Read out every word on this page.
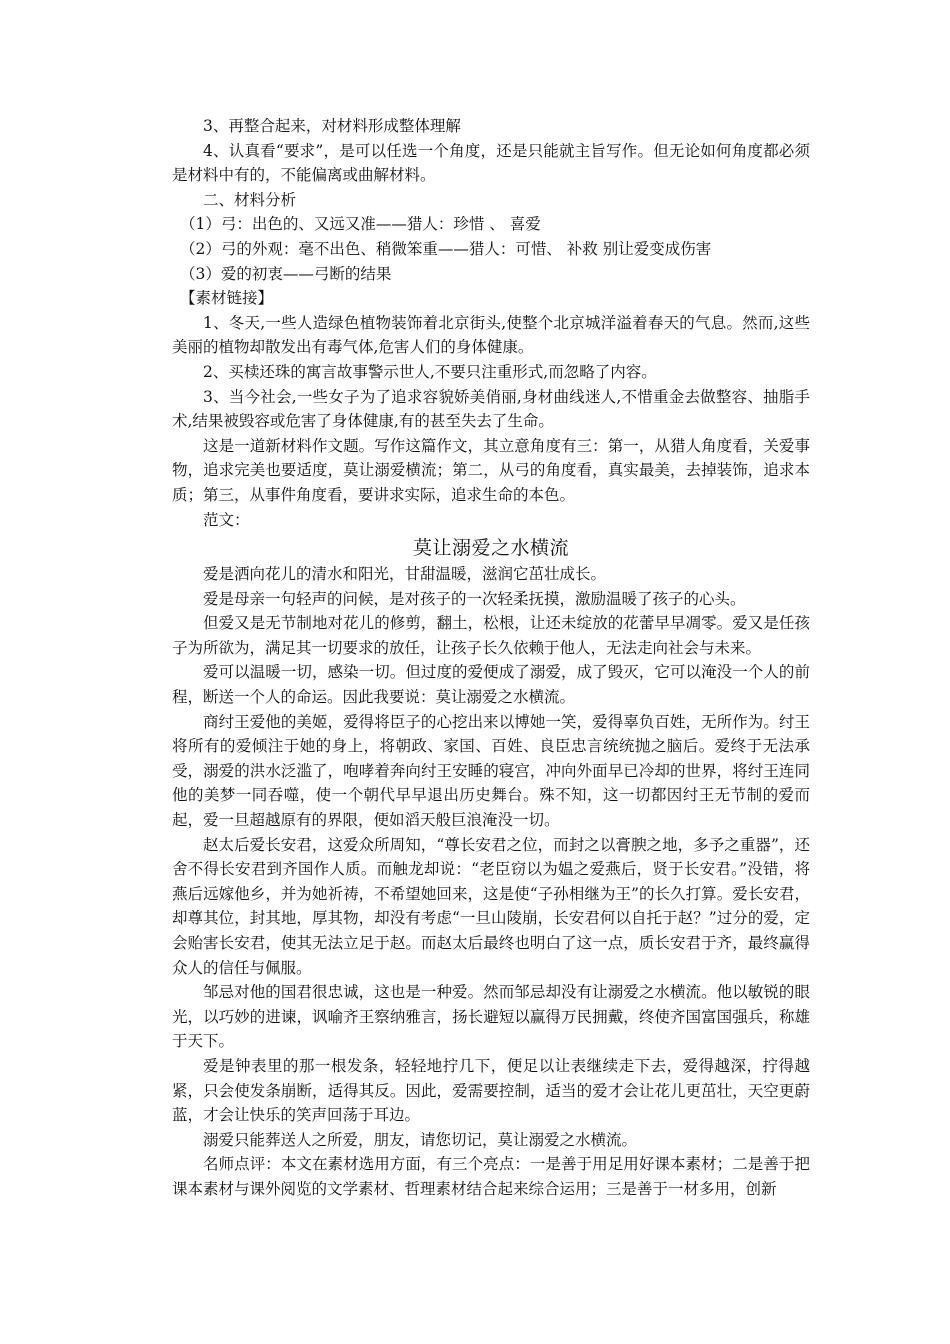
3、再整合起来，对材料形成整体理解

4、认真看“要求”，是可以任选一个角度，还是只能就主旨写作。但无论如何角度都必须是材料中有的，不能偏离或曲解材料。

二、材料分析

（1）弓：出色的、又远又准——猎人：珍惜 、 喜爱

（2）弓的外观：毫不出色、稍微笨重——猎人：可惜、 补救 别让爱变成伤害

（3）爱的初衷——弓断的结果

【素材链接】

1、冬天,一些人造绿色植物装饰着北京街头,使整个北京城洋溢着春天的气息。然而,这些美丽的植物却散发出有毒气体,危害人们的身体健康。

2、买椟还珠的寓言故事警示世人,不要只注重形式,而忽略了内容。

3、当今社会,一些女子为了追求容貌娇美俏丽,身材曲线迷人,不惜重金去做整容、抽脂手术,结果被毁容或危害了身体健康,有的甚至失去了生命。

这是一道新材料作文题。写作这篇作文，其立意角度有三：第一，从猎人角度看，关爱事物，追求完美也要适度，莫让溺爱横流；第二，从弓的角度看，真实最美，去掉装饰，追求本质；第三，从事件角度看，要讲求实际，追求生命的本色。

范文：

莫让溺爱之水横流

爱是洒向花儿的清水和阳光，甘甜温暖，滋润它茁壮成长。

爱是母亲一句轻声的问候，是对孩子的一次轻柔抚摸，激励温暖了孩子的心头。

但爱又是无节制地对花儿的修剪，翻土，松根，让还未绽放的花蕾早早凋零。爱又是任孩子为所欲为，满足其一切要求的放任，让孩子长久依赖于他人，无法走向社会与未来。

爱可以温暖一切，感染一切。但过度的爱便成了溺爱，成了毁灭，它可以淹没一个人的前程，断送一个人的命运。因此我要说：莫让溺爱之水横流。

商纣王爱他的美姬，爱得将臣子的心挖出来以博她一笑，爱得辜负百姓，无所作为。纣王将所有的爱倾注于她的身上，将朝政、家国、百姓、良臣忠言统统抛之脑后。爱终于无法承受，溺爱的洪水泛滥了，咆哮着奔向纣王安睡的寝宫，冲向外面早已冷却的世界，将纣王连同他的美梦一同吞噬，使一个朝代早早退出历史舞台。殊不知，这一切都因纣王无节制的爱而起，爱一旦超越原有的界限，便如滔天般巨浪淹没一切。

赵太后爱长安君，这爱众所周知，“尊长安君之位，而封之以膏腴之地，多予之重器”，还舍不得长安君到齐国作人质。而触龙却说：“老臣窃以为媪之爱燕后，贤于长安君。”没错，将燕后远嫁他乡，并为她祈祷，不希望她回来，这是使“子孙相继为王”的长久打算。爱长安君，却尊其位，封其地，厚其物，却没有考虑“一旦山陵崩，长安君何以自托于赵？”过分的爱，定会贻害长安君，使其无法立足于赵。而赵太后最终也明白了这一点，质长安君于齐，最终赢得众人的信任与佩服。

邹忌对他的国君很忠诚，这也是一种爱。然而邹忌却没有让溺爱之水横流。他以敏锐的眼光，以巧妙的进谏，讽喻齐王察纳雅言，扬长避短以赢得万民拥戴，终使齐国富国强兵，称雄于天下。

爱是钟表里的那一根发条，轻轻地拧几下，便足以让表继续走下去，爱得越深，拧得越紧，只会使发条崩断，适得其反。因此，爱需要控制，适当的爱才会让花儿更茁壮，天空更蔚蓝，才会让快乐的笑声回荡于耳边。

溺爱只能葬送人之所爱，朋友，请您切记，莫让溺爱之水横流。

名师点评：本文在素材选用方面，有三个亮点：一是善于用足用好课本素材；二是善于把课本素材与课外阅览的文学素材、哲理素材结合起来综合运用；三是善于一材多用，创新
